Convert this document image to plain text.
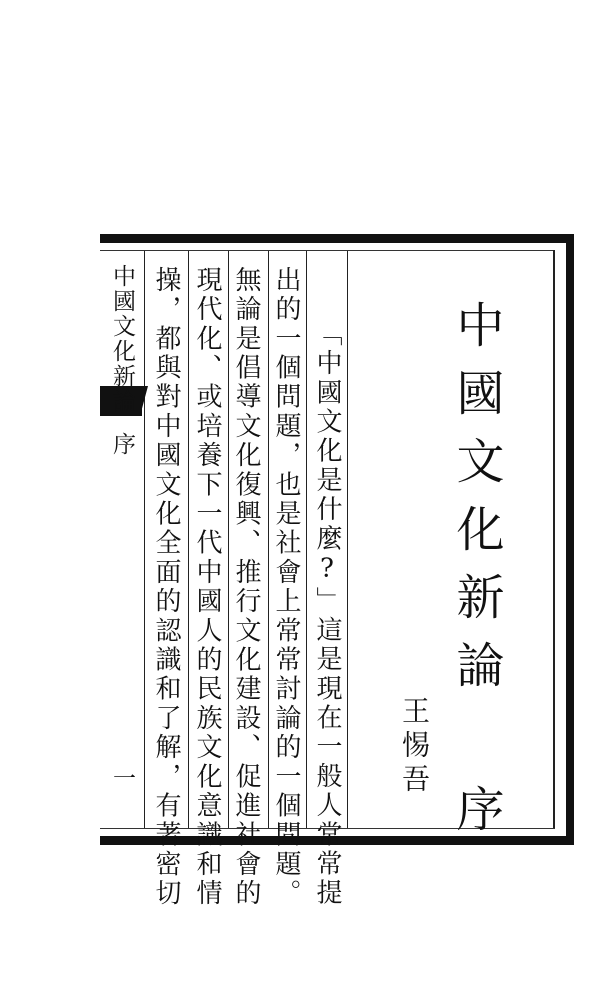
中國文化新論 序
王惕吾
「中國文化是什麼?」這是現在一般人常常提
出的一個問題，也是社會上常常討論的一個問題。
無論是倡導文化復興、推行文化建設、促進社會的
現代化、或培養下一代中國人的民族文化意識和情
操，都與對中國文化全面的認識和了解，有著密切
中國文化新論
序
一
